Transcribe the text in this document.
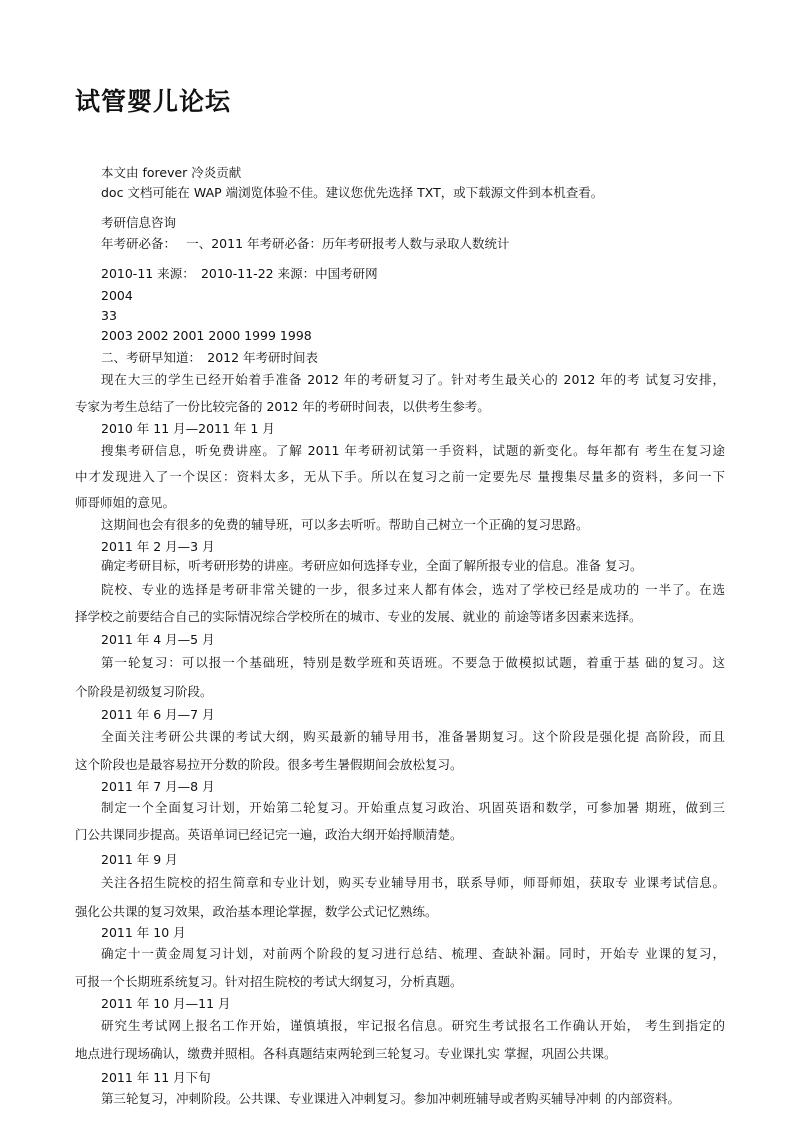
试管婴儿论坛
本文由 forever 冷炎贡献
doc 文档可能在 WAP 端浏览体验不佳。建议您优先选择 TXT，或下载源文件到本机查看。
考研信息咨询
年考研必备：　 一、2011 年考研必备：历年考研报考人数与录取人数统计
2010-11 来源：　2010-11-22 来源：中国考研网
2004
33
2003 2002 2001 2000 1999 1998
二、考研早知道：　2012 年考研时间表
现在大三的学生已经开始着手准备 2012 年的考研复习了。针对考生最关心的 2012 年的考 试复习安排，
专家为考生总结了一份比较完备的 2012 年的考研时间表，以供考生参考。
2010 年 11 月—2011 年 1 月
搜集考研信息，听免费讲座。了解 2011 年考研初试第一手资料，试题的新变化。每年都有 考生在复习途
中才发现进入了一个误区：资料太多，无从下手。所以在复习之前一定要先尽 量搜集尽量多的资料，多问一下
师哥师姐的意见。
这期间也会有很多的免费的辅导班，可以多去听听。帮助自己树立一个正确的复习思路。
2011 年 2 月—3 月
确定考研目标，听考研形势的讲座。考研应如何选择专业，全面了解所报专业的信息。准备 复习。
院校、专业的选择是考研非常关键的一步，很多过来人都有体会，选对了学校已经是成功的 一半了。在选
择学校之前要结合自己的实际情况综合学校所在的城市、专业的发展、就业的 前途等诸多因素来选择。
2011 年 4 月—5 月
第一轮复习：可以报一个基础班，特别是数学班和英语班。不要急于做模拟试题，着重于基 础的复习。这
个阶段是初级复习阶段。
2011 年 6 月—7 月
全面关注考研公共课的考试大纲，购买最新的辅导用书，准备暑期复习。这个阶段是强化提 高阶段，而且
这个阶段也是最容易拉开分数的阶段。很多考生暑假期间会放松复习。
2011 年 7 月—8 月
制定一个全面复习计划，开始第二轮复习。开始重点复习政治、巩固英语和数学，可参加暑 期班，做到三
门公共课同步提高。英语单词已经记完一遍，政治大纲开始捋顺清楚。
2011 年 9 月
关注各招生院校的招生简章和专业计划，购买专业辅导用书，联系导师，师哥师姐，获取专 业课考试信息。
强化公共课的复习效果，政治基本理论掌握，数学公式记忆熟练。
2011 年 10 月
确定十一黄金周复习计划，对前两个阶段的复习进行总结、梳理、查缺补漏。同时，开始专 业课的复习，
可报一个长期班系统复习。针对招生院校的考试大纲复习，分析真题。
2011 年 10 月—11 月
研究生考试网上报名工作开始，谨慎填报，牢记报名信息。研究生考试报名工作确认开始， 考生到指定的
地点进行现场确认，缴费并照相。各科真题结束两轮到三轮复习。专业课扎实 掌握，巩固公共课。
2011 年 11 月下旬
第三轮复习，冲刺阶段。公共课、专业课进入冲刺复习。参加冲刺班辅导或者购买辅导冲刺 的内部资料。
